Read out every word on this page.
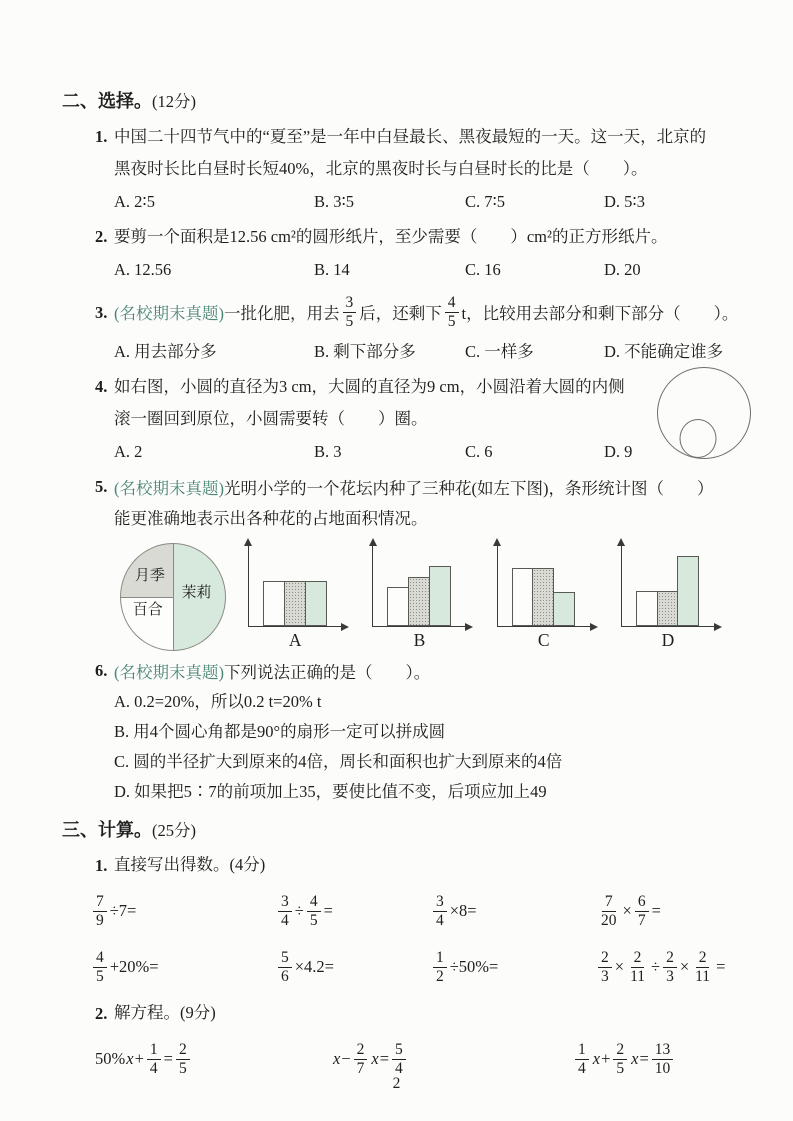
二、选择。(12分)
1. 中国二十四节气中的“夏至”是一年中白昼最长、黑夜最短的一天。这一天，北京的
黑夜时长比白昼时长短40%，北京的黑夜时长与白昼时长的比是（　　）。
A. 2∶5	B. 3∶5	C. 7∶5	D. 5∶3
2. 要剪一个面积是12.56 cm²的圆形纸片，至少需要（　　）cm²的正方形纸片。
A. 12.56	B. 14	C. 16	D. 20
3. (名校期末真题) 一批化肥，用去 $\frac{3}{5}$ 后，还剩下 $\frac{4}{5}$ t，比较用去部分和剩下部分（　　）。
A. 用去部分多	B. 剩下部分多	C. 一样多	D. 不能确定谁多
4. 如右图，小圆的直径为3 cm，大圆的直径为9 cm，小圆沿着大圆的内侧
滚一圈回到原位，小圆需要转（　　）圈。
A. 2	B. 3	C. 6	D. 9
5. (名校期末真题) 光明小学的一个花坛内种了三种花(如左下图)，条形统计图（　　）
能更准确地表示出各种花的占地面积情况。
月季
百合
茉莉
A	B	C	D
6. (名校期末真题) 下列说法正确的是（　　）。
A. 0.2=20%，所以0.2 t=20% t
B. 用4个圆心角都是90°的扇形一定可以拼成圆
C. 圆的半径扩大到原来的4倍，周长和面积也扩大到原来的4倍
D. 如果把5∶7的前项加上35，要使比值不变，后项应加上49
三、计算。(25分)
1. 直接写出得数。(4分)
$\frac{7}{9} \div 7=$	$\frac{3}{4} \div \frac{4}{5}$ =	$\frac{3}{4} \times 8=$	$\frac{7}{20} \times \frac{6}{7}$ =
$\frac{4}{5} +20\%=$	$\frac{5}{6} \times 4.2=$	$\frac{1}{2} \div 50\%=$	$\frac{2}{3} \times \frac{2}{11} \div \frac{2}{3} \times \frac{2}{11}$ =
2. 解方程。(9分)
50% $x + \frac{1}{4} = \frac{2}{5}$	$x - \frac{2}{7}$ $x = \frac{5}{4}$	$\frac{1}{4}$ $x + \frac{2}{5}$ $x = \frac{13}{10}$
2
